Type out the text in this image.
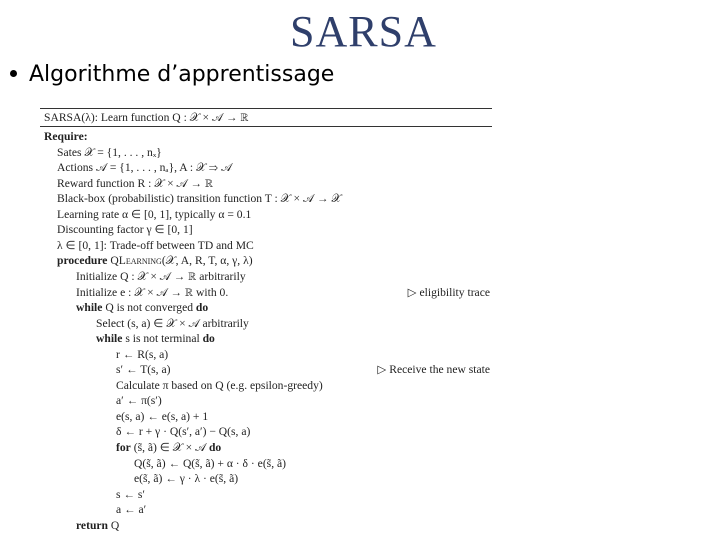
SARSA
Algorithme d’apprentissage
SARSA(λ): Learn function Q : 𝒳 × 𝒜 → ℝ
Require:
Sates 𝒳 = {1, . . . , nₓ}
Actions 𝒜 = {1, . . . , nₐ}, A : 𝒳 ⇒ 𝒜
Reward function R : 𝒳 × 𝒜 → ℝ
Black-box (probabilistic) transition function T : 𝒳 × 𝒜 → 𝒳
Learning rate α ∈ [0, 1], typically α = 0.1
Discounting factor γ ∈ [0, 1]
λ ∈ [0, 1]: Trade-off between TD and MC
procedure QLearning(𝒳, A, R, T, α, γ, λ)
Initialize Q : 𝒳 × 𝒜 → ℝ arbitrarily
Initialize e : 𝒳 × 𝒜 → ℝ with 0.	▷ eligibility trace
while Q is not converged do
Select (s, a) ∈ 𝒳 × 𝒜 arbitrarily
while s is not terminal do
r ← R(s, a)
s′ ← T(s, a)	▷ Receive the new state
Calculate π based on Q (e.g. epsilon-greedy)
a′ ← π(s′)
e(s, a) ← e(s, a) + 1
δ ← r + γ · Q(s′, a′) − Q(s, a)
for (s̃, ã) ∈ 𝒳 × 𝒜 do
Q(s̃, ã) ← Q(s̃, ã) + α · δ · e(s̃, ã)
e(s̃, ã) ← γ · λ · e(s̃, ã)
s ← s′
a ← a′
return Q
